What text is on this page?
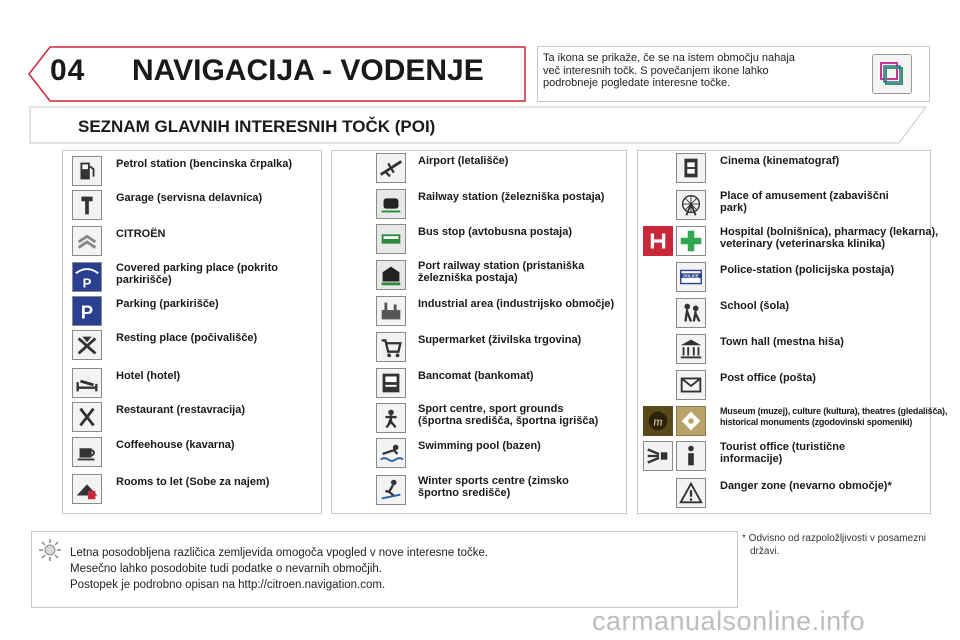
04 NAVIGACIJA - VODENJE	Ta ikona se prikaže, če se na istem območju nahaja
več interesnih točk. S povečanjem ikone lahko
podrobneje pogledate interesne točke.
SEZNAM GLAVNIH INTERESNIH TOČK (POI)
Petrol station (bencinska črpalka)
Garage (servisna delavnica)
CITROËN
P
Covered parking place (pokrito
parkirišče)
P Parking (parkirišče)
Resting place (počivališče)
Hotel (hotel)
Restaurant (restavracija)
Coffeehouse (kavarna)
Rooms to let (Sobe za najem)
Airport (letališče)
Railway station (železniška postaja)
Bus stop (avtobusna postaja)
Port railway station (pristaniška
železniška postaja)
Industrial area (industrijsko območje)
Supermarket (živilska trgovina)
Bancomat (bankomat)
Sport centre, sport grounds
(športna središča, športna igrišča)
Swimming pool (bazen)
Winter sports centre (zimsko
športno središče)
Cinema (kinematograf)
Place of amusement (zabaviščni
park)
Hospital (bolnišnica), pharmacy (lekarna),
veterinary (veterinarska klinika)
POLICE Police-station (policijska postaja)
School (šola)
Town hall (mestna hiša)
Post office (pošta)
m
Museum (muzej), culture (kultura), theatres (gledališča),
historical monuments (zgodovinski spomeniki)
Tourist office (turistične
informacije)
Danger zone (nevarno območje)*
Letna posodobljena različica zemljevida omogoča vpogled v nove interesne točke.
Mesečno lahko posodobite tudi podatke o nevarnih območjih.
Postopek je podrobno opisan na http://citroen.navigation.com.
* Odvisno od razpoložljivosti v posamezni
državi.
carmanualsonline.info
